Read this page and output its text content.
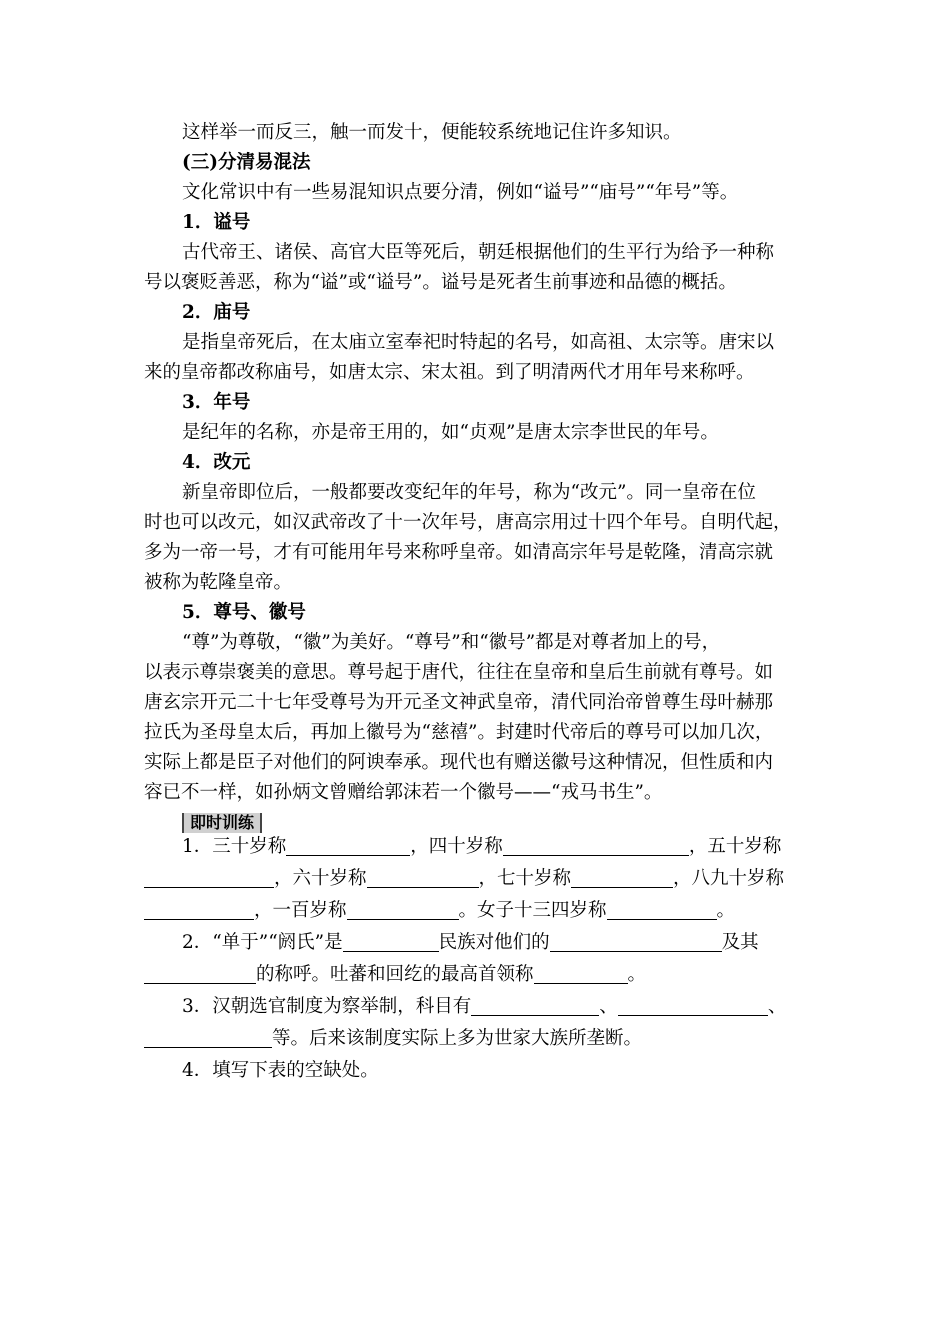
这样举一而反三，触一而发十，便能较系统地记住许多知识。
(三)分清易混法
文化常识中有一些易混知识点要分清，例如“谥号”“庙号”“年号”等。
1．谥号
古代帝王、诸侯、高官大臣等死后，朝廷根据他们的生平行为给予一种称
号以褒贬善恶，称为“谥”或“谥号”。谥号是死者生前事迹和品德的概括。
2．庙号
是指皇帝死后，在太庙立室奉祀时特起的名号，如高祖、太宗等。唐宋以
来的皇帝都改称庙号，如唐太宗、宋太祖。到了明清两代才用年号来称呼。
3．年号
是纪年的名称，亦是帝王用的，如“贞观”是唐太宗李世民的年号。
4．改元
新皇帝即位后，一般都要改变纪年的年号，称为“改元”。同一皇帝在位
时也可以改元，如汉武帝改了十一次年号，唐高宗用过十四个年号。自明代起，
多为一帝一号，才有可能用年号来称呼皇帝。如清高宗年号是乾隆，清高宗就
被称为乾隆皇帝。
5．尊号、徽号
“尊”为尊敬，“徽”为美好。“尊号”和“徽号”都是对尊者加上的号，
以表示尊崇褒美的意思。尊号起于唐代，往往在皇帝和皇后生前就有尊号。如
唐玄宗开元二十七年受尊号为开元圣文神武皇帝，清代同治帝曾尊生母叶赫那
拉氏为圣母皇太后，再加上徽号为“慈禧”。封建时代帝后的尊号可以加几次，
实际上都是臣子对他们的阿谀奉承。现代也有赠送徽号这种情况，但性质和内
容已不一样，如孙炳文曾赠给郭沫若一个徽号——“戎马书生”。
即时训练
1．三十岁称	，四十岁称	，五十岁称
，六十岁称	，七十岁称	，八九十岁称
，一百岁称	。女子十三四岁称	。
2．“单于”“阏氏”是	民族对他们的	及其
的称呼。吐蕃和回纥的最高首领称	。
3．汉朝选官制度为察举制，科目有	、	、
等。后来该制度实际上多为世家大族所垄断。
4．填写下表的空缺处。
